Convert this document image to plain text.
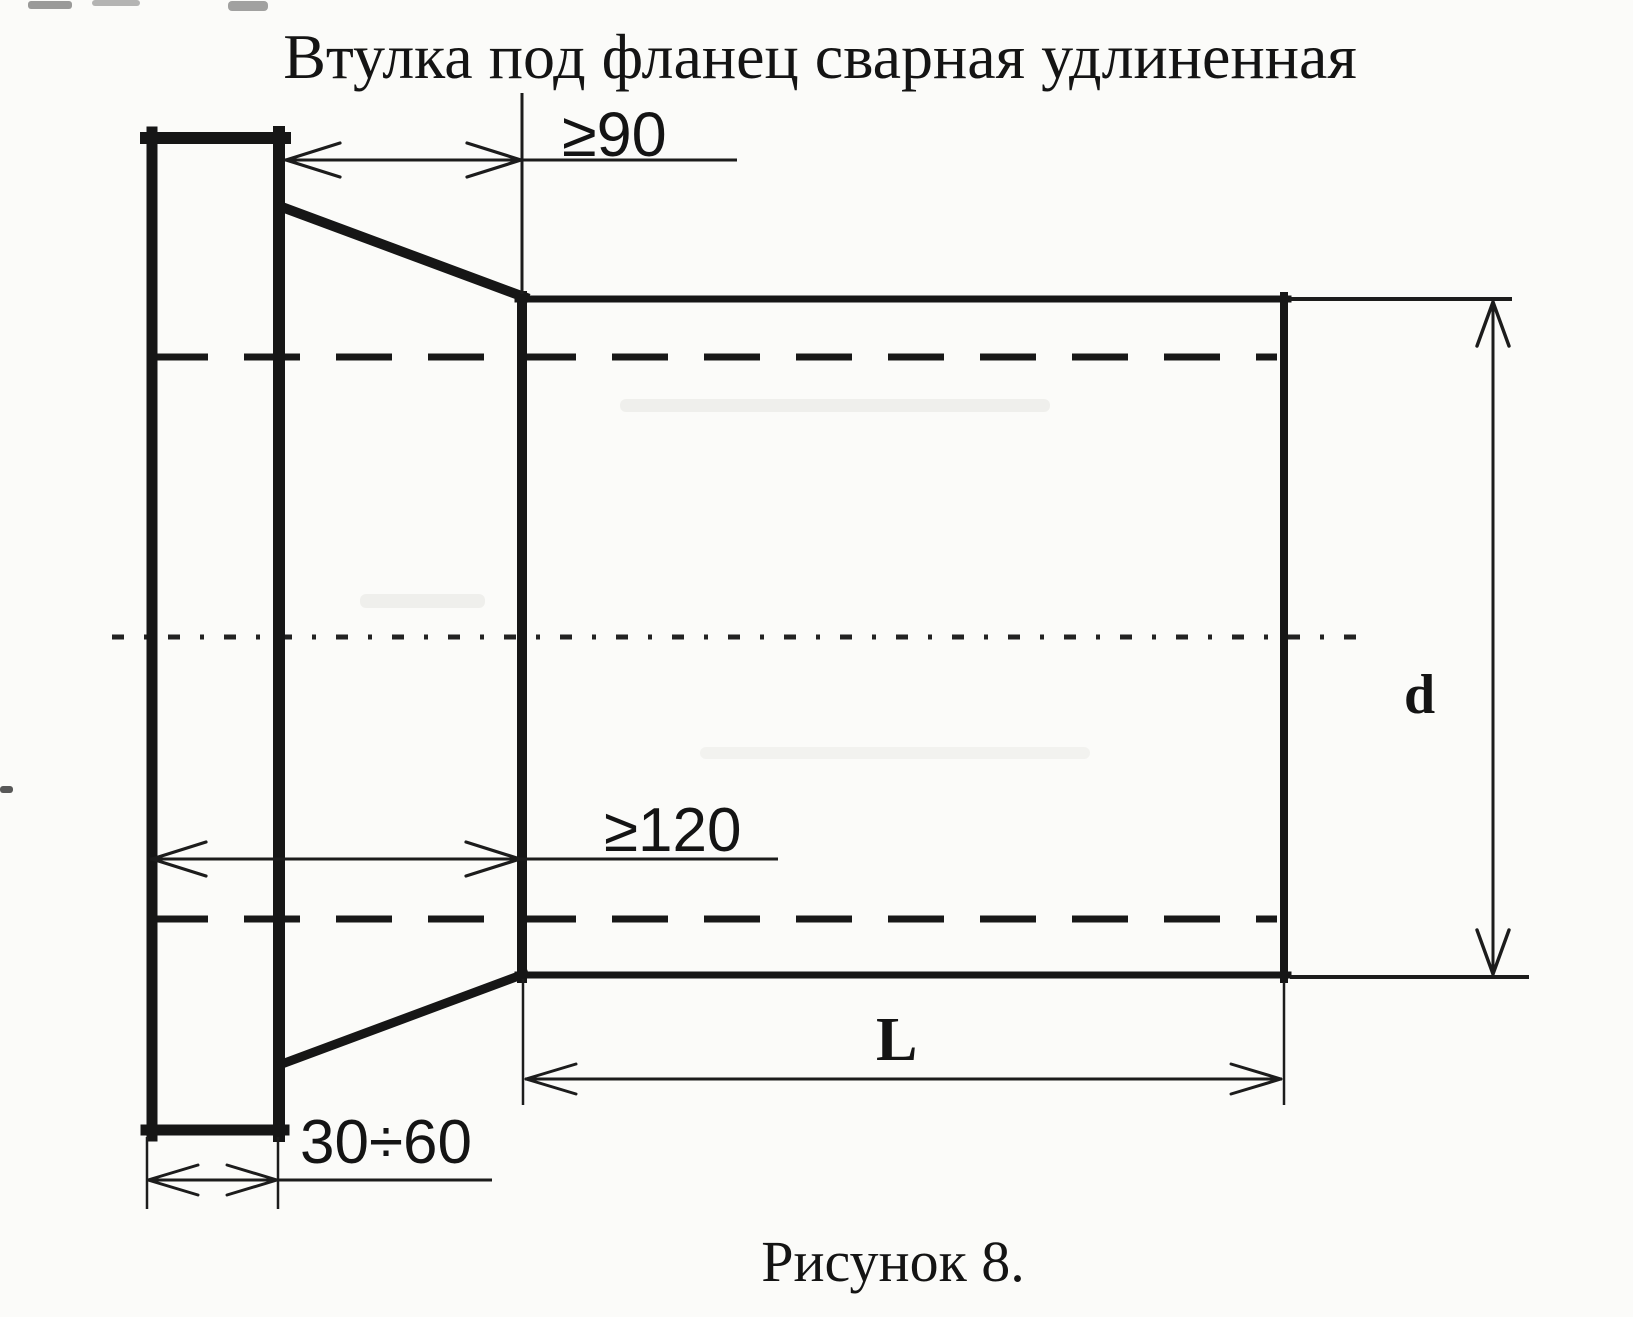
≥90
≥120
30÷60
L
d
Втулка под фланец сварная удлиненная
Рисунок 8.
